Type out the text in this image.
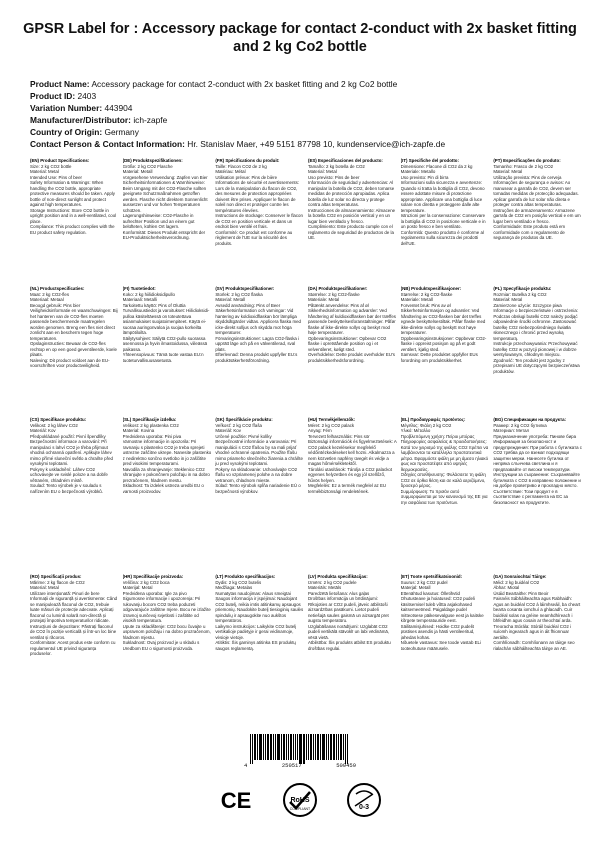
GPSR Label for : Accessory package for contact 2-conduct with 2x basket fitting and 2 kg Co2 bottle
Product Name: Accessory package for contact 2-conduct with 2x basket fitting and 2 kg Co2 bottle
Product ID: 2403
Variation Number: 443904
Manufacturer/Distributor: ich-zapfe
Country of Origin: Germany
Contact Person & Contact Information: Hr. Stanislav Maer, +49 5151 87798 10, kundenservice@ich-zapfe.de
(EN) Product Specifications:
Size: 2 kg CO2 bottle
Material: Metal
Intended Use: Pins of beer
Safety Information & Warnings: When handling the CO2 bottle, appropriate protective measures should be taken. Apply bottle of non-direct sunlight and protect against high temperatures.
Storage Instructions: Store CO2 bottle in upright position and in a well-ventilated, cool place.
Compliance: This product complies with the EU product safety regulation.
(DE) Produktspezifikationen:
Größe: 2 kg CO2 Flasche
Material: Metall
Vorgesehene Verwendung: Zapfen von Bier
Sicherheitsinformationen & Warnhinweise: Beim Umgang mit der CO2-Flasche sollten geeignete Schutzmaßnahmen getroffen werden. Flasche nicht direktem Sonnenlicht aussetzen und vor hohen Temperaturen schützen.
Lagerungshinweise: CO2-Flasche in aufrechter Position und an einem gut belüfteten, kühlen Ort lagern.
Konformität: Dieses Produkt entspricht der EU-Produktsicherheitsverordnung.
(FR) Spécifications du produit:
Taille: Flacon CO2 de 2 kg
Matériau: Métal
Utilisation prévue: Pins de bière
Informations de sécurité et avertissements: Lors de la manipulation du flacon de CO2, des mesures de protection appropriées doivent être prises. Appliquer le flacon de soleil non direct et protéger contre les températures élevées.
Instructions de stockage: Conserver le flacon de CO2 en position verticale et dans un endroit bien ventilé et frais.
Conformité: Ce produit est conforme au règlement de l'UE sur la sécurité des produits.
(ES) Especificaciones del producto:
Tamaño: 2 kg botella de CO2
Material: Metal
Uso previsto: Pins de beer
Información de seguridad y advertencias: Al manipular la botella de CO2, deben tomarse medidas de protección apropiadas. Aplica botella de luz solar no directa y protege contra altas temperaturas.
Instrucciones de almacenamiento: Almacene la botella CO2 en posición vertical y en un lugar bien ventilado y fresco.
Cumplimiento: Este producto cumple con el reglamento de seguridad de productos de la UE.
(IT) Specifiche del prodotto:
Dimensione: Flacone di CO2 da 2 kg
Materiale: Metallo
Uso previsto: Pin di birra
Informazioni sulla sicurezza e avvertenze: Quando si tratta la bottiglia di CO2, devono essere adottate misure di protezione appropriate. Applicare una bottiglia di luce solare non diretta e proteggere dalle alte temperature.
Istruzioni per la conservazione: Conservare la bottiglia di CO2 in posizione verticale e in un posto fresco e ben ventilato.
Conformità: Questo prodotto è conforme al regolamento sulla sicurezza dei prodotti dell'UE.
(PT) Especificações do produto:
Tamanho: Frasco de 2 kg CO2
Material: Metal
Utilização prevista: Pins de cerveja
Informações de segurança e avisos: Ao manusear a garrafa de CO2, devem ser tomadas medidas de protecção adequadas. Aplicar garrafa de luz solar não direta e proteger contra altas temperaturas.
Instruções de armazenamento: Armazene garrafa de CO2 em posição vertical e em um lugar bem ventilado e fresco.
Conformidade: Este produto está em conformidade com o regulamento de segurança de produtos da UE.
(NL) Productspecificaties:
Maat: 2 kg CO2-fles
Materiaal: Metaal
Beoogd gebruik: Pins bier
Veiligheidsinformatie en waarschuwingen: Bij het hanteren van de CO2-fles moeten passende beschermende maatregelen worden genomen. Breng een fles niet direct zonlicht aan en bescherm tegen hoge temperaturen.
Opslaginstructies: Bewaar de CO2-fles rechtop en op een goed geventileerde, koele plaats.
Naleving: Dit product voldoet aan de EU-voorschriften voor productveiligheid.
(FI) Tuotetiedot:
Koko: 2 kg hiilidioksidipullo
Materiaali: Metalli
Tarkoitettu käyttö: Pins of Oluttia
Turvallisuustiedot ja varoitukset: Hiilidioksidi-pulloa käsiteltäessä on toteutettava asianmukaiset suojatoimenpiteet. Käytä ei-suoraa auringonvaloa ja suojaa korkeilta lämpötiloilta.
Säilytysohjeet: Säilytä CO2-pullo suorassa asennossa ja hyvin ilmastoidussa, viileässä paikassa.
Yhteensopivuus: Tämä tuote vastaa EU:n tuoteturvallisuusasetusta.
(SV) Produktspecifikationer:
Storlek: 2 kg CO2 flaska
Material: Metall
Avsedd användning: Pins of Beer
Säkerhetsinformation och varningar: Vid hantering av koldioxidflaskan bör lämpliga skyddsåtgärder vidtas. Applicera flaska med icke-direkt solljus och skydda mot höga temperaturer.
Förvaringsinstruktioner: Lagra CO2-flaska i upprätt läge och på en välventilerad, sval plats.
Efterlevnad: Denna produkt uppfyller EU:s produktsäkerhetsförordning.
(DA) Produktspecifikationer:
Størrelse: 2 kg CO2-flaske
Materiale: Metal
Påtænkt anvendelse: Pins af øl
Sikkerhedsinformation og advarsler: Ved håndtering af kuldioxidflasken bør der træffes passende beskyttelsesforanstaltninger. Påfør flaske af ikke-direkte sollys og beskyt mod høje temperaturer.
Opbevaringsinstruktioner: Opbevar CO2 flaske i opretstående position og i et velventileret, køligt sted.
Overholdelse: Dette produkt overholder EU's produktsikkerhedsforordning.
(NB) Produktspesifikasjoner:
Størrelse: 2 kg CO2-flaske
Materiale: Metall
Forventet bruk: Pins av øl
Sikkerhetsinformasjon og advarsler: Ved håndtering av CO2-flasken bør det treffes egnede beskyttelsestiltak. Påfør flaske med ikke-direkte sollys og beskytt mot høye temperaturer.
Oppbevaringsinstruksjoner: Oppbevar CO2-flaske i oppreist posisjon og på et godt ventilert, kjølig sted.
Samsvar: Dette produktet oppfyller EUs forordning om produktsikkerhet.
(PL) Specyfikacje produktu:
Rozmiar: Butelka 2 kg CO2
Materiał: Metal
Zamierzone użycie: Szczypce piwa
Informacje o bezpieczeństwie i ostrzeżenia: Podczas obsługi butelki CO2 należy podjąć odpowiednie środki ochronne. Zastosować butelkę CO2 niebezpośredniego światła słonecznego i chronić przed wysoką temperaturą.
Instrukcje przechowywania: Przechowywać butelkę CO2 w pozycji pionowej i w dobrze wentylowanym, chłodnym miejscu.
Zgodność: Ten produkt jest zgodny z przepisami UE dotyczącymi bezpieczeństwa produktów.
(CS) Specifikace produktu:
Velikost: 2 kg láhev CO2
Materiál: Kov
Předpokládané použití: Pivní špendlíky
Bezpečnostní informace a varování: Při manipulaci s lahví CO2 je třeba přijmout vhodná ochranná opatření. Aplikujte láhev mimo přímé sluneční světlo a chraňte před vysokými teplotami.
Pokyny k uskladnění: Láhev CO2 uchovávejte ve svislé poloze a na dobře větraném, chladném místě.
Soulad: Tento výrobek je v souladu s nařízením EU o bezpečnosti výrobků.
(SL) Specifikacije izdelka:
Velikost: 2 kg plastenka CO2
Material: Kovina
Predvidena uporaba: Pini piva
Varnostne informacije in opozorila: Pri ravnanju s plastenko CO2 je treba sprejeti ustrezne zaščitne ukrepe. Nanesite plastenko z nedirektno sončno svetlobo in jo zaščitite pred visokimi temperaturami.
Navodila za shranjevanje: Steklenico CO2 shranjujte v pokončnem položaju in na dobro prezračenem, hladnem mestu.
Skladnost: Ta izdelek ustreza uredbi EU o varnosti proizvodov.
(SK) Špecifikácie produktu:
Veľkosť: 2 kg CO2 fľaša
Materiál: Kov
Určené použitie: Pivné kolíky
Bezpečnostné informácie a varovania: Pri manipulácii s CO2 fľašou by sa mali prijať vhodné ochranné opatrenia. Použite fľašu mimo priameho slnečného žiarenia a chráňte ju pred vysokými teplotami.
Pokyny na skladovanie: Uchovávajte CO2 fľašu vo vzpriamenej polohe a na dobre vetranom, chladnom mieste.
Súlad: Tento výrobok spĺňa nariadenie EÚ o bezpečnosti výrobkov.
(HU) Termékjellemzők:
Méret: 2 kg CO2 palack
Anyag: Fém
Tervezett felhasználás: Pins sör
Biztonsági információk és figyelmeztetések: A CO2 palack kezelésekor megfelelő védőintézkedéseket kell hozni. Alkalmazza a nem közvetlen napfény üvegét és védje a magas hőmérsékletektől.
Tárolási utasítások: Tárolja a CO2 palackot egyenes helyzetben és egy jól szellőző, hűvös helyen.
Megfelelés: Ez a termék megfelel az EU termékbiztonsági rendeletének.
(EL) Προδιαγραφές προϊόντος:
Μέγεθος: Φιάλη 2 kg CO2
Υλικό: Μέταλλο
Προβλεπόμενη χρήση: Πείροι μπύρας
Πληροφορίες ασφαλείας & προειδοποιήσεις: Κατά τον χειρισμό της φιάλης CO2 πρέπει να λαμβάνονται τα κατάλληλα προστατευτικά μέτρα. Εφαρμόστε φιάλη με μη άμεσο ηλιακό φως και προστατέψτε από υψηλές θερμοκρασίες.
Οδηγίες αποθήκευσης: Φυλάσσετε τη φιάλη CO2 σε όρθια θέση και σε καλά αεριζόμενο, δροσερό μέρος.
Συμμόρφωση: Το προϊόν αυτό συμμορφώνεται με τον κανονισμό της ΕΕ για την ασφάλεια των προϊόντων.
(BG) Спецификации на продукта:
Размер: 2 kg CO2 бутилка
Материал: Метал
Предназначение употреба: Пинове бира
Информация за безопасност и предупреждения: При работа с бутилката с CO2 трябва да се вземат подходящи защитни мерки. Нанесете бутилка от непряка слънчева светлина и я предпазвайте от високи температури.
Инструкции за съхранение: Съхранявайте бутилката с CO2 в изправено положение и на добре проветриво и прохладно място.
Съответствие: Този продукт е в съответствие с регламента на ЕС за безопасност на продуктите.
(RO) Specificații produs:
Mărime: 2 kg flacon de CO2
Material: Metal
Utilizare intenționată: Pinuri de bere
Informații de siguranță și avertismente: Când se manipulează flaconul de CO2, trebuie luate măsuri de protecție adecvate. Aplicați flaconul cu lumină solară non-directă și protejați împotriva temperaturilor ridicate.
Instrucțiuni de depozitare: Păstrați flaconul de CO2 în poziție verticală și într-un loc bine ventilat și răcoros.
Conformitate: Acest produs este conform cu regulamentul UE privind siguranța produselor.
(HR) Specifikacije proizvoda:
Veličina: 2 kg CO2 boca
Materijal: Metal
Predviđena uporaba: Igle za pivo
Sigurnosne informacije i upozorenja: Pri rukovanju bocom CO2 treba poduzeti odgovarajuće zaštitne mjere. Bocu ne izlažite izravnoj sunčevoj svjetlosti i zaštitite od visokih temperatura.
Upute za skladištenje: CO2 bocu čuvajte u uspravnom položaju i na dobro prozračenom, hladnom mjestu.
Sukladnost: Ovaj proizvod je u skladu s Uredbom EU o sigurnosti proizvoda.
(LT) Produkto specifikacijos:
Dydis: 2 kg CO2 butelis
Medžiaga: Metalas
Numatytas naudojimas: Alaus smeigtai
Saugos informacija ir įspėjimai: Naudojant CO2 butelį, reikia imtis atitinkamų apsaugos priemonių. Naudokite butelį tiesioginių saulės spindulių ir apsaugokite nuo aukštos temperatūros.
Laikymo instrukcijos: Laikykite CO2 butelį vertikalioje padėtyje ir gerai vėdinamoje, vėsioje vietoje.
Atitiktis: Šis gaminys atitinka ES produktų saugos reglamentą.
(LV) Produkta specifikācijas:
Izmērs: 2 kg CO2 pudele
Materiāls: Metāls
Paredzētā lietošana: Alus gaļas
Drošības informācija un brīdinājumi: Rīkojoties ar CO2 pudeli, jāveic atbilstoši aizsardzības pasākumi. Lietot pudeli netiešajā saules gaismā un aizsargāt pret augstu temperatūru.
Uzglabāšanas norādījumi: Uzglabāt CO2 pudeli vertikālā stāvoklī un labi vēdināmā, vēsā vietā.
Atbilstība: Šis produkts atbilst ES produktu drošības regulai.
(ET) Toote spetsifikatsioonid:
Suurus: 2 kg CO2 pudel
Materjal: Metall
Ettenähtud kasutus: Õlletihvtid
Ohutusteave ja hoiatused: CO2 pudeli käsitsemisel tuleb võtta asjakohased kaitsemeetmed. Paigaldage pudel mitteotsese päikesevalguse eest ja kaitske kõrgete temperatuuride eest.
Säilitamisjuhised: Hoidke CO2 pudelit püstises asendis ja hästi ventileeritud, jahedas kohas.
Nõuetele vastavus: See toode vastab ELi tooteohutuse määrusele.
(GA) Sonraíochtaí Táirge:
Méid: 2 kg buidéal CO2
Ábhar: Miotal
Úsáid Beartaithe: Pinn Beoir
Faisnéis Sábháilteachta agus Rabhaidh: Agus an buidéal CO2 á láimhseáil, ba cheart bearta cosanta iomchuí a ghlacadh. Cuir buidéal solas na gréine neamhdhíreach i bhfeidhm agus cosain ar theochtaí arda.
Treoracha Stórála: Stóráil buidéal CO2 i suíomh ingearach agus in áit fhionnuar aeráilte.
Comhlíonadh: Comhlíonann an táirge seo rialachán sábháilteachta táirge an AE.
4	250517	509459
CE	RoHS
COMPLIANT	0-3
